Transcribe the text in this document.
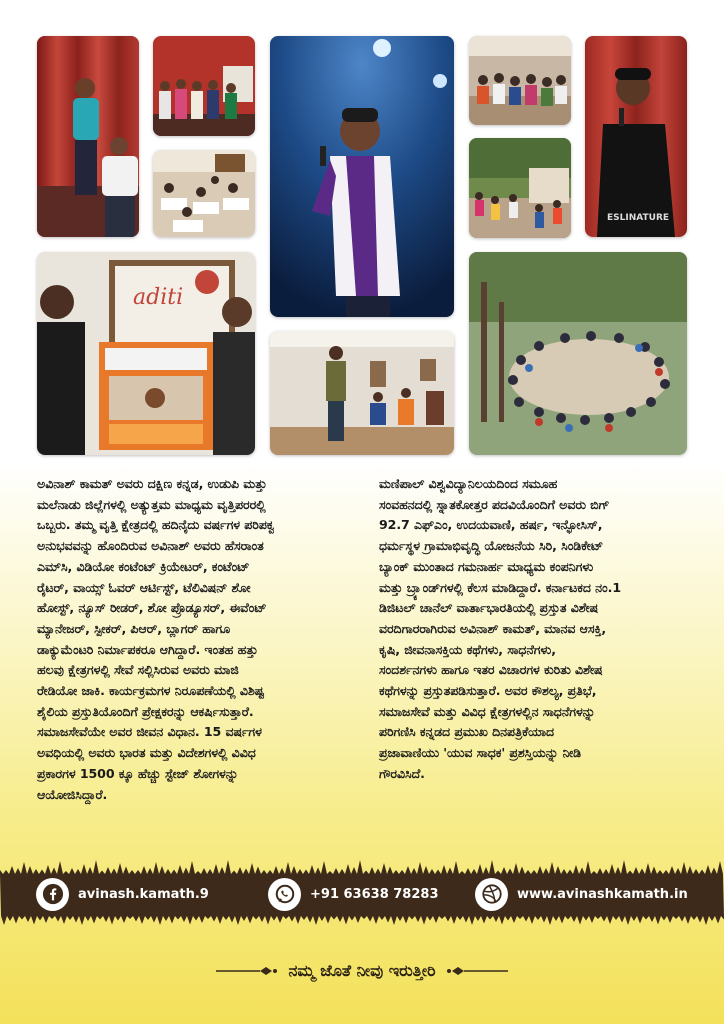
ESLINATURE
aditi
ಅವಿನಾಶ್ ಕಾಮತ್ ಅವರು ದಕ್ಷಿಣ ಕನ್ನಡ, ಉಡುಪಿ ಮತ್ತು
ಮಲೆನಾಡು ಜಿಲ್ಲೆಗಳಲ್ಲಿ ಅತ್ಯುತ್ತಮ ಮಾಧ್ಯಮ ವೃತ್ತಿಪರರಲ್ಲಿ
ಒಬ್ಬರು. ತಮ್ಮ ವೃತ್ತಿ ಕ್ಷೇತ್ರದಲ್ಲಿ ಹದಿನೈದು ವರ್ಷಗಳ ಪರಿಪಕ್ವ
ಅನುಭವವನ್ನು ಹೊಂದಿರುವ ಅವಿನಾಶ್ ಅವರು ಹೆಸರಾಂತ
ಎಮ್‌ಸಿ, ವಿಡಿಯೋ ಕಂಟೆಂಟ್ ಕ್ರಿಯೇಟರ್, ಕಂಟೆಂಟ್
ರೈಟರ್, ವಾಯ್ಸ್ ಓವರ್ ಆರ್ಟಿಸ್ಟ್, ಟೆಲಿವಿಷನ್ ಶೋ
ಹೋಸ್ಟ್, ನ್ಯೂಸ್ ರೀಡರ್, ಶೋ ಪ್ರೊಡ್ಯೂಸರ್, ಈವೆಂಟ್
ಮ್ಯಾನೇಜರ್, ಸ್ಪೀಕರ್, ಪಿಆರ್, ಬ್ಲಾಗರ್ ಹಾಗೂ
ಡಾಕ್ಯುಮೆಂಟರಿ ನಿರ್ಮಾಪಕರೂ ಆಗಿದ್ದಾರೆ. ಇಂತಹ ಹತ್ತು
ಹಲವು ಕ್ಷೇತ್ರಗಳಲ್ಲಿ ಸೇವೆ ಸಲ್ಲಿಸಿರುವ ಅವರು ಮಾಜಿ
ರೇಡಿಯೋ ಜಾಕಿ. ಕಾರ್ಯಕ್ರಮಗಳ ನಿರೂಪಣೆಯಲ್ಲಿ ವಿಶಿಷ್ಟ
ಶೈಲಿಯ ಪ್ರಸ್ತುತಿಯೊಂದಿಗೆ ಪ್ರೇಕ್ಷಕರನ್ನು ಆಕರ್ಷಿಸುತ್ತಾರೆ.
ಸಮಾಜಸೇವೆಯೇ ಅವರ ಜೀವನ ವಿಧಾನ. 15 ವರ್ಷಗಳ
ಅವಧಿಯಲ್ಲಿ ಅವರು ಭಾರತ ಮತ್ತು ವಿದೇಶಗಳಲ್ಲಿ ವಿವಿಧ
ಪ್ರಕಾರಗಳ 1500 ಕ್ಕೂ ಹೆಚ್ಚು ಸ್ಟೇಜ್ ಶೋಗಳನ್ನು
ಆಯೋಜಿಸಿದ್ದಾರೆ.
ಮಣಿಪಾಲ್ ವಿಶ್ವವಿದ್ಯಾನಿಲಯದಿಂದ ಸಮೂಹ
ಸಂವಹನದಲ್ಲಿ ಸ್ನಾತಕೋತ್ತರ ಪದವಿಯೊಂದಿಗೆ ಅವರು ಬಿಗ್
92.7 ಎಫ್‌ಎಂ, ಉದಯವಾಣಿ, ಹರ್ಷ, ಇನ್ಫೋಸಿಸ್,
ಧರ್ಮಸ್ಥಳ ಗ್ರಾಮಾಭಿವೃದ್ಧಿ ಯೋಜನೆಯ ಸಿರಿ, ಸಿಂಡಿಕೇಟ್
ಬ್ಯಾಂಕ್ ಮುಂತಾದ ಗಮನಾರ್ಹ ಮಾಧ್ಯಮ ಕಂಪನಿಗಳು
ಮತ್ತು ಬ್ರ್ಯಾಂಡ್‌ಗಳಲ್ಲಿ ಕೆಲಸ ಮಾಡಿದ್ದಾರೆ. ಕರ್ನಾಟಕದ ನಂ.1
ಡಿಜಿಟಲ್ ಚಾನೆಲ್ ವಾರ್ತಾಭಾರತಿಯಲ್ಲಿ ಪ್ರಸ್ತುತ ವಿಶೇಷ
ವರದಿಗಾರರಾಗಿರುವ ಅವಿನಾಶ್ ಕಾಮತ್, ಮಾನವ ಆಸಕ್ತಿ,
ಕೃಷಿ, ಜೀವನಾಸಕ್ತಿಯ ಕಥೆಗಳು, ಸಾಧನೆಗಳು,
ಸಂದರ್ಶನಗಳು ಹಾಗೂ ಇತರ ವಿಚಾರಗಳ ಕುರಿತು ವಿಶೇಷ
ಕಥೆಗಳನ್ನು ಪ್ರಸ್ತುತಪಡಿಸುತ್ತಾರೆ. ಅವರ ಕೌಶಲ್ಯ, ಪ್ರತಿಭೆ,
ಸಮಾಜಸೇವೆ ಮತ್ತು ವಿವಿಧ ಕ್ಷೇತ್ರಗಳಲ್ಲಿನ ಸಾಧನೆಗಳನ್ನು
ಪರಿಗಣಿಸಿ ಕನ್ನಡದ ಪ್ರಮುಖ ದಿನಪತ್ರಿಕೆಯಾದ
ಪ್ರಜಾವಾಣಿಯು 'ಯುವ ಸಾಧಕ' ಪ್ರಶಸ್ತಿಯನ್ನು ನೀಡಿ
ಗೌರವಿಸಿದೆ.
avinash.kamath.9	+91 63638 78283	www.avinashkamath.in
ನಮ್ಮ ಜೊತೆ ನೀವು ಇರುತ್ತೀರಿ
